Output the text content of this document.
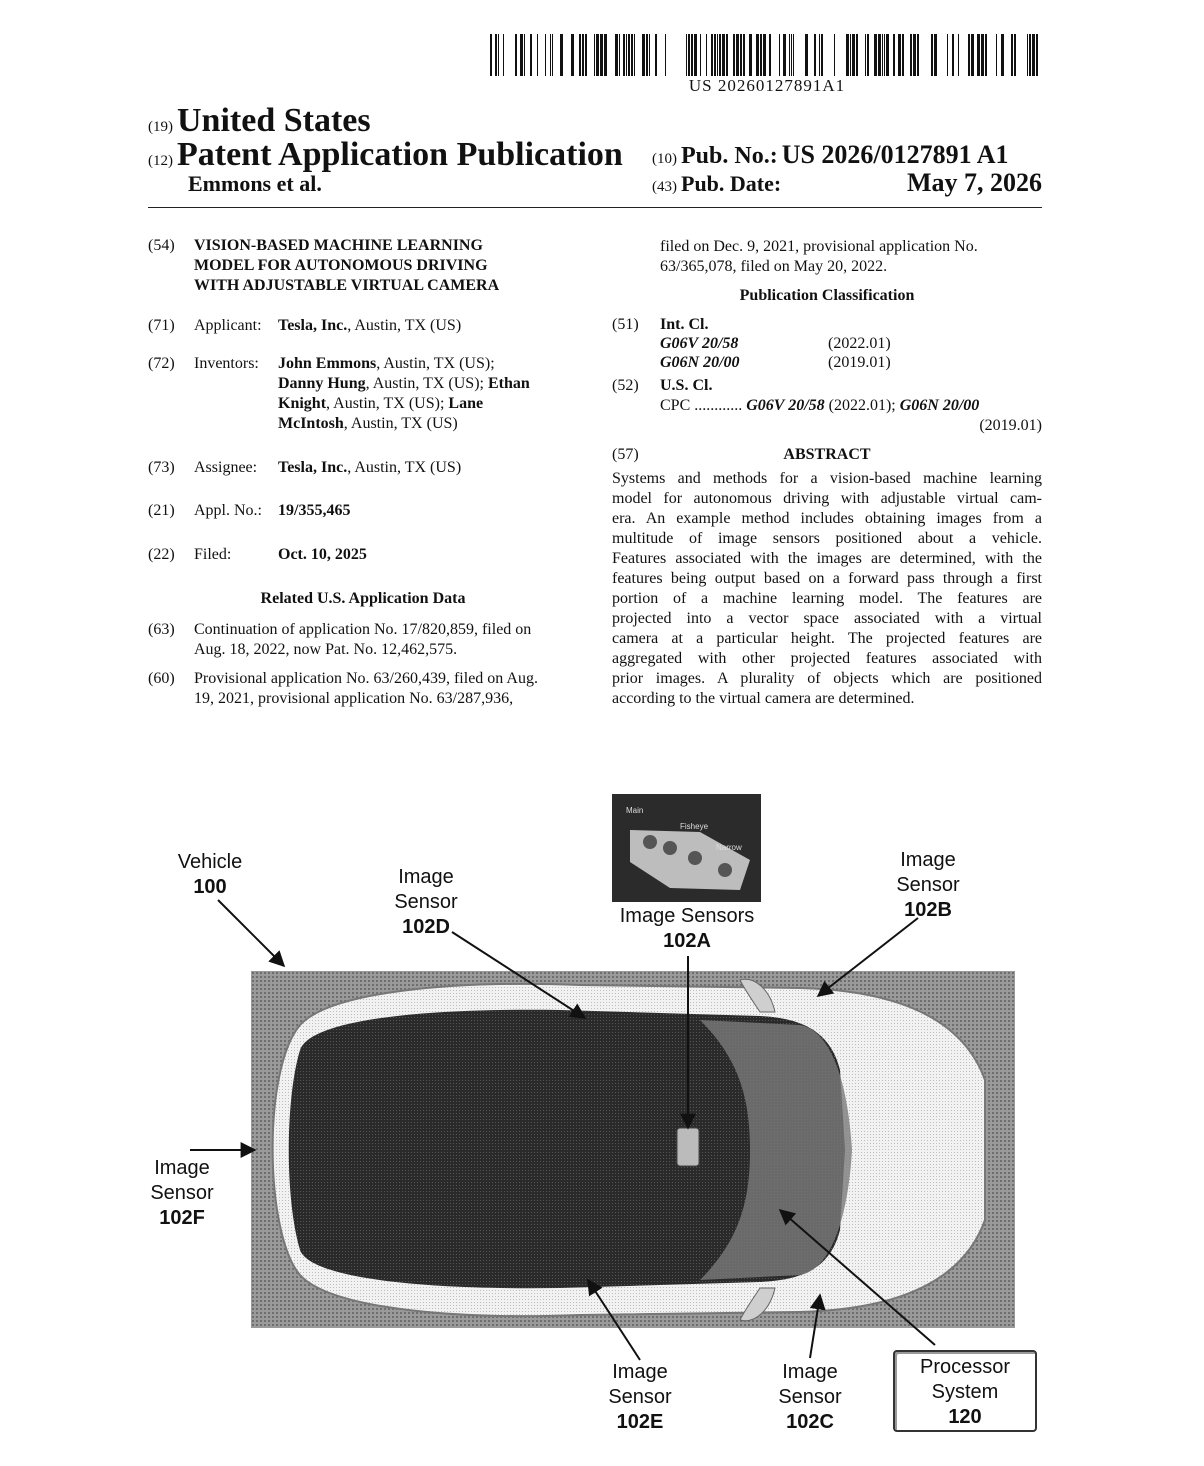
US 20260127891A1
(19) United States
(12) Patent Application Publication
Emmons et al.
(10) Pub. No.: US 2026/0127891 A1
(43) Pub. Date:	May 7, 2026
(54) VISION-BASED MACHINE LEARNING
MODEL FOR AUTONOMOUS DRIVING
WITH ADJUSTABLE VIRTUAL CAMERA
(71) Applicant: Tesla, Inc., Austin, TX (US)
(72) Inventors: John Emmons, Austin, TX (US);
Danny Hung, Austin, TX (US); Ethan
Knight, Austin, TX (US); Lane
McIntosh, Austin, TX (US)
(73) Assignee: Tesla, Inc., Austin, TX (US)
(21) Appl. No.: 19/355,465
(22) Filed:	Oct. 10, 2025
Related U.S. Application Data
(63) Continuation of application No. 17/820,859, filed on
Aug. 18, 2022, now Pat. No. 12,462,575.
(60) Provisional application No. 63/260,439, filed on Aug.
19, 2021, provisional application No. 63/287,936,
filed on Dec. 9, 2021, provisional application No.
63/365,078, filed on May 20, 2022.
Publication Classification
(51) Int. Cl.
G06V 20/58	(2022.01)
G06N 20/00	(2019.01)
(52) U.S. Cl.
CPC ............ G06V 20/58 (2022.01); G06N 20/00
(2019.01)
(57)	ABSTRACT
Systems and methods for a vision-based machine learning
model for autonomous driving with adjustable virtual cam-
era. An example method includes obtaining images from a
multitude of image sensors positioned about a vehicle.
Features associated with the images are determined, with the
features being output based on a forward pass through a first
portion of a machine learning model. The features are
projected into a vector space associated with a virtual
camera at a particular height. The projected features are
aggregated with other projected features associated with
prior images. A plurality of objects which are positioned
according to the virtual camera are determined.
Main
Fisheye
Narrow
Vehicle
100	Image
Sensor
102D	Image Sensors
102A
Image
Sensor
102B
Image
Sensor
102F
Image
Sensor
102E
Image
Sensor
102C
Processor
System
120
